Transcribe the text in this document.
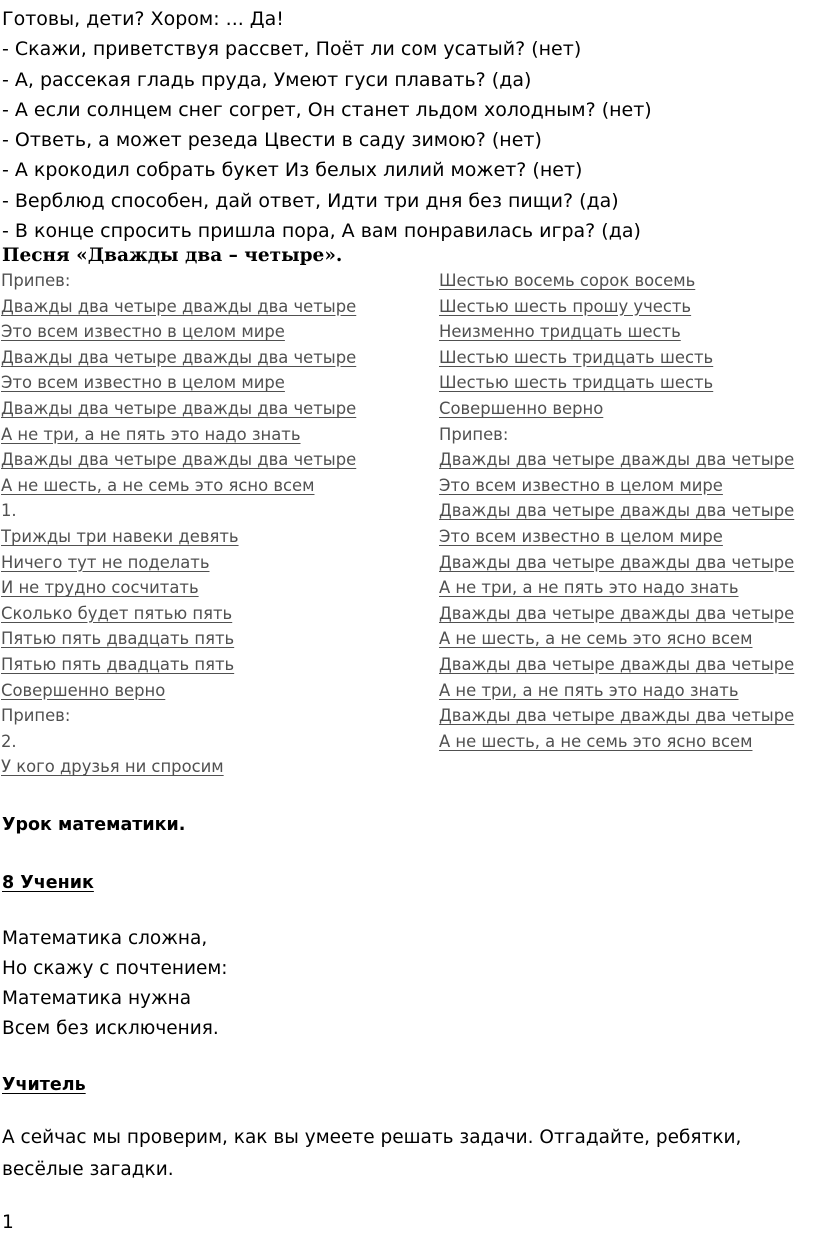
Готовы, дети? Хором: ... Да!
- Скажи, приветствуя рассвет, Поёт ли сом усатый? (нет)
- А, рассекая гладь пруда, Умеют гуси плавать? (да)
- А если солнцем снег согрет, Он станет льдом холодным? (нет)
- Ответь, а может резеда Цвести в саду зимою? (нет)
- А крокодил собрать букет Из белых лилий может? (нет)
- Верблюд способен, дай ответ, Идти три дня без пищи? (да)
- В конце спросить пришла пора, А вам понравилась игра? (да)
Песня «Дважды два – четыре».
Припев:
Дважды два четыре дважды два четыре
Это всем известно в целом мире
Дважды два четыре дважды два четыре
Это всем известно в целом мире
Дважды два четыре дважды два четыре
А не три, а не пять это надо знать
Дважды два четыре дважды два четыре
А не шесть, а не семь это ясно всем
1.
Трижды три навеки девять
Ничего тут не поделать
И не трудно сосчитать
Сколько будет пятью пять
Пятью пять двадцать пять
Пятью пять двадцать пять
Совершенно верно
Припев:
2.
У кого друзья ни спросим
Шестью восемь сорок восемь
Шестью шесть прошу учесть
Неизменно тридцать шесть
Шестью шесть тридцать шесть
Шестью шесть тридцать шесть
Совершенно верно
Припев:
Дважды два четыре дважды два четыре
Это всем известно в целом мире
Дважды два четыре дважды два четыре
Это всем известно в целом мире
Дважды два четыре дважды два четыре
А не три, а не пять это надо знать
Дважды два четыре дважды два четыре
А не шесть, а не семь это ясно всем
Дважды два четыре дважды два четыре
А не три, а не пять это надо знать
Дважды два четыре дважды два четыре
А не шесть, а не семь это ясно всем
Урок математики.
8 Ученик
Математика сложна,
Но скажу с почтением:
Математика нужна
Всем без исключения.
Учитель
А сейчас мы проверим, как вы умеете решать задачи. Отгадайте, ребятки, весёлые загадки.
1
